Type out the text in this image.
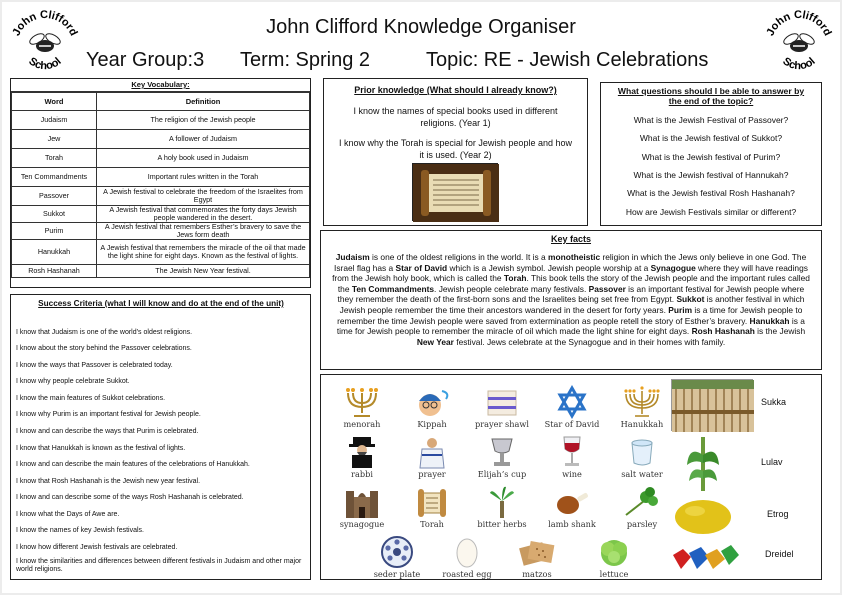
John Clifford
School
John Clifford
School
John Clifford Knowledge Organiser
Year Group:3 Term: Spring 2	Topic: RE - Jewish Celebrations
Key Vocabulary:
Word	Definition
Judaism	The religion of the Jewish people
Jew	A follower of Judaism
Torah	A holy book used in Judaism
Ten Commandments	Important rules written in the Torah
Passover	A Jewish festival to celebrate the freedom of the Israelites from Egypt
Sukkot	A Jewish festival that commemorates the forty days Jewish people wandered in the desert.
Purim	A Jewish festival that remembers Esther’s bravery to save the Jews form death
Hanukkah	A Jewish festival that remembers the miracle of the oil that made the light shine for eight days. Known as the festival of lights.
Rosh Hashanah	The Jewish New Year festival.
Success Criteria (what I will know and do at the end of the unit)
I know that Judaism is one of the world’s oldest religions.
I know about the story behind the Passover celebrations.
I know the ways that Passover is celebrated today.
I know why people celebrate Sukkot.
I know the main features of Sukkot celebrations.
I know why Purim is an important festival for Jewish people.
I know and can describe the ways that Purim is celebrated.
I know that Hanukkah is known as the festival of lights.
I know and can describe the main features of the celebrations of Hanukkah.
I know that Rosh Hashanah is the Jewish new year festival.
I know and can describe some of the ways Rosh Hashanah is celebrated.
I know what the Days of Awe are.
I know the names of key Jewish festivals.
I know how different Jewish festivals are celebrated.
I know the similarities and differences between different festivals in Judaism and other major world religions.
Prior knowledge (What should I already know?)
I know the names of special books used in different religions. (Year 1)
I know why the Torah is special for Jewish people and how it is used. (Year 2)
What questions should I be able to answer by the end of the topic?
What is the Jewish Festival of Passover?
What is the Jewish festival of Sukkot?
What is the Jewish festival of Purim?
What is the Jewish festival of Hannukah?
What is the Jewish festival Rosh Hashanah?
How are Jewish Festivals similar or different?
Key facts
Judaism is one of the oldest religions in the world. It is a monotheistic religion in which the Jews only believe in one God. The Israel flag has a Star of David which is a Jewish symbol. Jewish people worship at a Synagogue where they will have readings from the Jewish holy book, which is called the Torah. This book tells the story of the Jewish people and the important rules called the Ten Commandments. Jewish people celebrate many festivals. Passover is an important festival for Jewish people where they remember the death of the first-born sons and the Israelites being set free from Egypt. Sukkot is another festival in which Jewish people remember the time their ancestors wandered in the desert for forty years. Purim is a time for Jewish people to remember the time Jewish people were saved from extermination as people retell the story of Esther’s bravery. Hanukkah is a time for Jewish people to remember the miracle of oil which made the light shine for eight days. Rosh Hashanah is the Jewish New Year festival. Jews celebrate at the Synagogue and in their homes with family.
menorah	Kippah	prayer shawl	Star of David	Hanukkah
rabbi	prayer	Elijah’s cup	wine	salt water
synagogue	Torah	bitter herbs	lamb shank	parsley
seder plate	roasted egg	matzos	lettuce
Sukka
Lulav
Etrog
Dreidel
